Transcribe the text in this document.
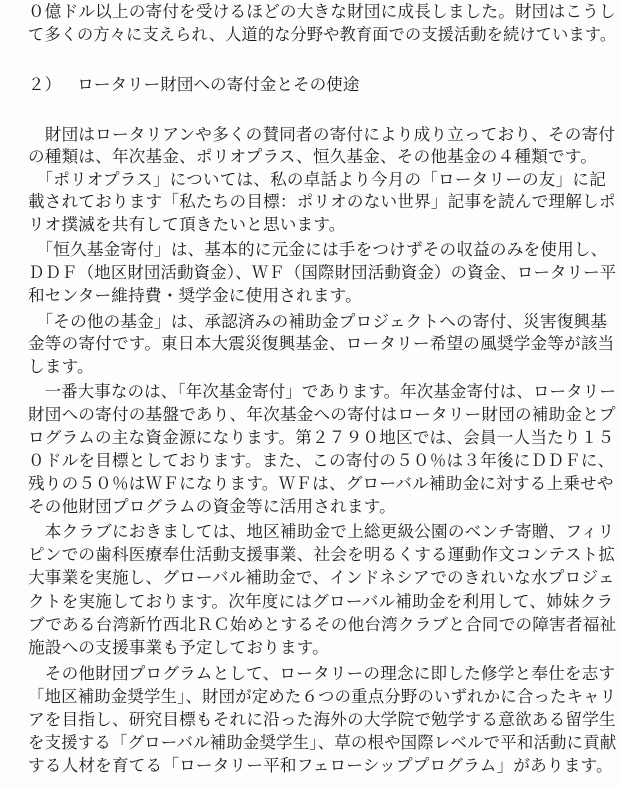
０億ドル以上の寄付を受けるほどの大きな財団に成長しました。財団はこうし

て多くの方々に支えられ、人道的な分野や教育面での支援活動を続けています。

２） ロータリー財団への寄付金とその使途

　財団はロータリアンや多くの賛同者の寄付により成り立っており、その寄付

の種類は、年次基金、ポリオプラス、恒久基金、その他基金の４種類です。

　「ポリオプラス」については、私の卓話より今月の「ロータリーの友」に記

載されております「私たちの目標：ポリオのない世界」記事を読んで理解しポ

リオ撲滅を共有して頂きたいと思います。

　「恒久基金寄付」は、基本的に元金には手をつけずその収益のみを使用し、

ＤＤＦ（地区財団活動資金）、ＷＦ（国際財団活動資金）の資金、ロータリー平

和センター維持費・奨学金に使用されます。

　「その他の基金」は、承認済みの補助金プロジェクトへの寄付、災害復興基

金等の寄付です。東日本大震災復興基金、ロータリー希望の風奨学金等が該当

します。

　一番大事なのは、「年次基金寄付」であります。年次基金寄付は、ロータリー

財団への寄付の基盤であり、年次基金への寄付はロータリー財団の補助金とプ

ログラムの主な資金源になります。第２７９０地区では、会員一人当たり１５

０ドルを目標としております。また、この寄付の５０％は３年後にＤＤＦに、

残りの５０％はＷＦになります。ＷＦは、グローバル補助金に対する上乗せや

その他財団プログラムの資金等に活用されます。

　本クラブにおきましては、地区補助金で上総更級公園のベンチ寄贈、フィリ

ピンでの歯科医療奉仕活動支援事業、社会を明るくする運動作文コンテスト拡

大事業を実施し、グローバル補助金で、インドネシアでのきれいな水プロジェ

クトを実施しております。次年度にはグローバル補助金を利用して、姉妹クラ

ブである台湾新竹西北ＲＣ始めとするその他台湾クラブと合同での障害者福祉

施設への支援事業も予定しております。

　その他財団プログラムとして、ロータリーの理念に即した修学と奉仕を志す

「地区補助金奨学生」、財団が定めた６つの重点分野のいずれかに合ったキャリ

アを目指し、研究目標もそれに沿った海外の大学院で勉学する意欲ある留学生

を支援する「グローバル補助金奨学生」、草の根や国際レベルで平和活動に貢献

する人材を育てる「ロータリー平和フェローシッププログラム」があります。
